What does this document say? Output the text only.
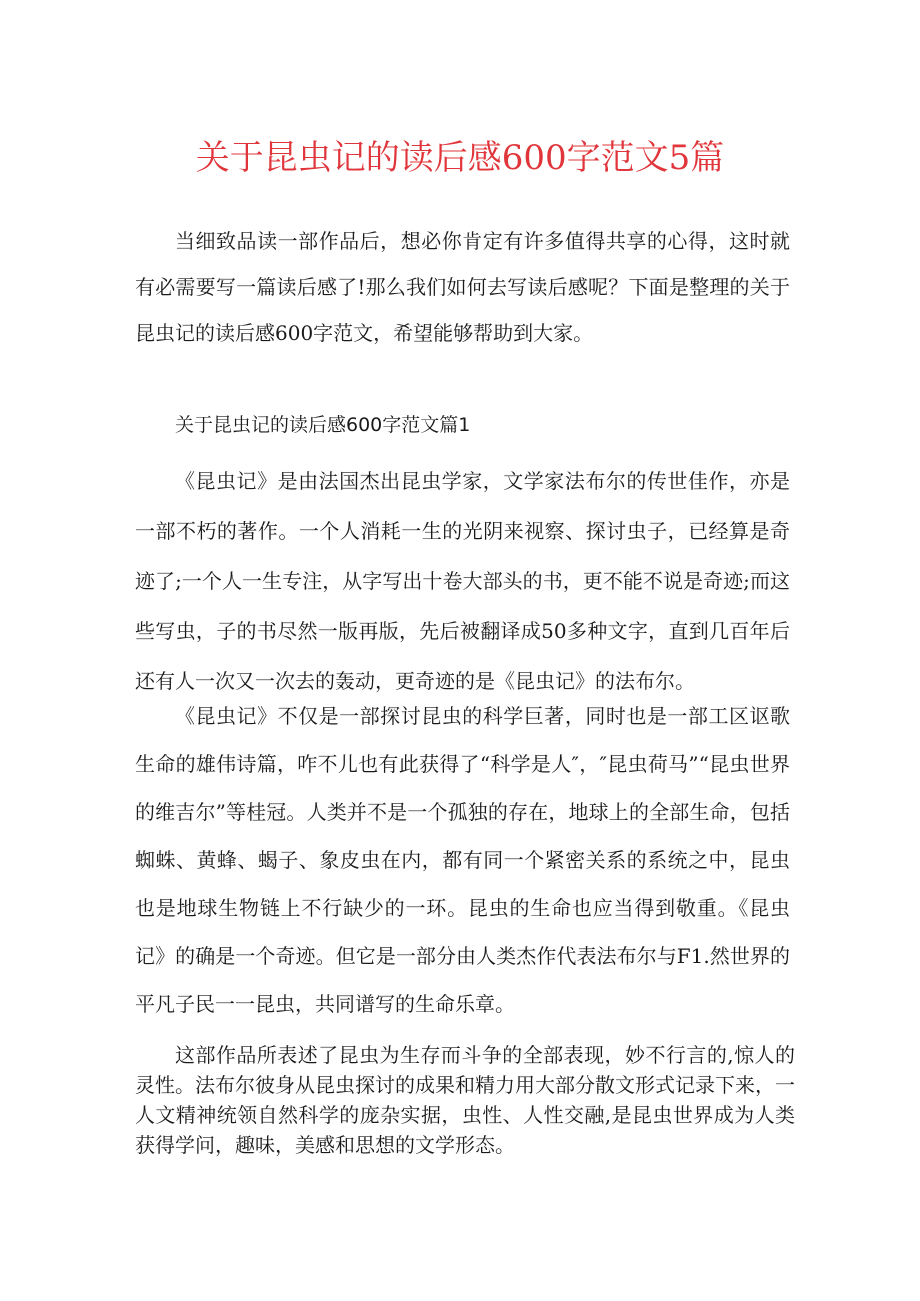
关于昆虫记的读后感600字范文5篇
当细致品读一部作品后，想必你肯定有许多值得共享的心得，这时就有必需要写一篇读后感了!那么我们如何去写读后感呢？下面是整理的关于昆虫记的读后感600字范文，希望能够帮助到大家。
关于昆虫记的读后感600字范文篇1
《昆虫记》是由法国杰出昆虫学家，文学家法布尔的传世佳作，亦是一部不朽的著作。一个人消耗一生的光阴来视察、探讨虫子，已经算是奇迹了;一个人一生专注，从字写出十卷大部头的书，更不能不说是奇迹;而这些写虫，子的书尽然一版再版，先后被翻译成50多种文字，直到几百年后还有人一次又一次去的轰动，更奇迹的是《昆虫记》的法布尔。
《昆虫记》不仅是一部探讨昆虫的科学巨著，同时也是一部工区讴歌生命的雄伟诗篇，咋不儿也有此获得了“科学是人″，″昆虫荷马”“昆虫世界的维吉尔”等桂冠。人类并不是一个孤独的存在，地球上的全部生命，包括蜘蛛、黄蜂、蝎子、象皮虫在内，都有同一个紧密关系的系统之中，昆虫也是地球生物链上不行缺少的一环。昆虫的生命也应当得到敬重。《昆虫记》的确是一个奇迹。但它是一部分由人类杰作代表法布尔与F1.然世界的平凡子民一一昆虫，共同谱写的生命乐章。
这部作品所表述了昆虫为生存而斗争的全部表现，妙不行言的,惊人的灵性。法布尔彼身从昆虫探讨的成果和精力用大部分散文形式记录下来，一人文精神统领自然科学的庞杂实据，虫性、人性交融,是昆虫世界成为人类获得学问，趣味，美感和思想的文学形态。
